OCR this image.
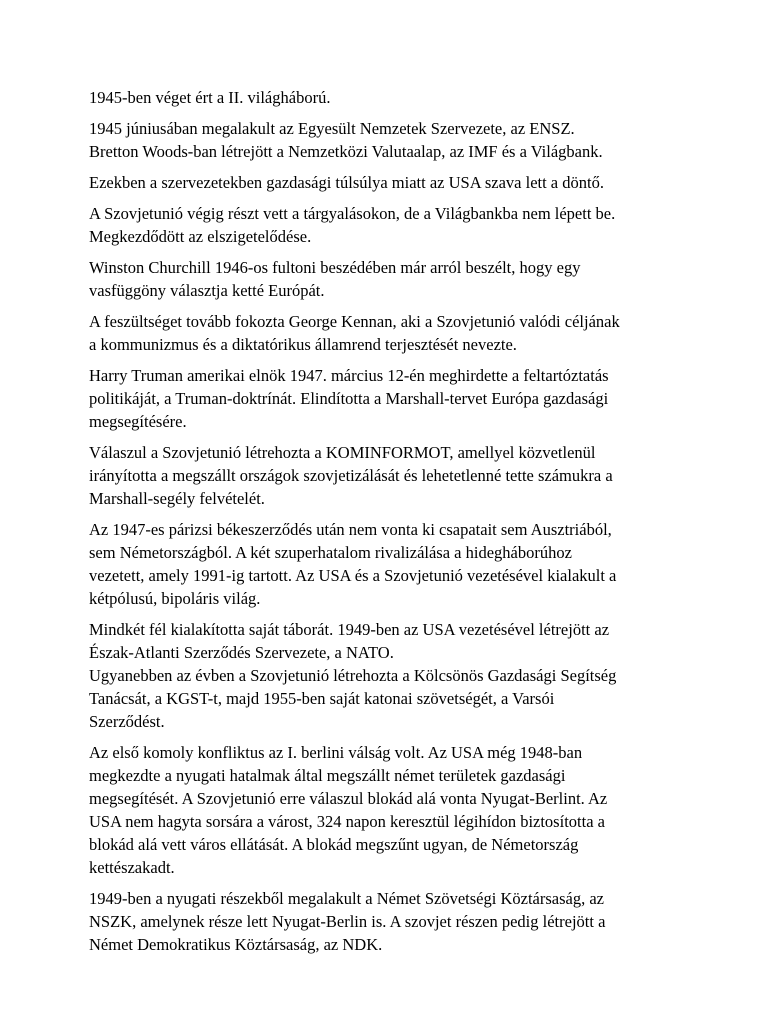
1945-ben véget ért a II. világháború.

1945 júniusában megalakult az Egyesült Nemzetek Szervezete, az ENSZ.
Bretton Woods-ban létrejött a Nemzetközi Valutaalap, az IMF és a Világbank.

Ezekben a szervezetekben gazdasági túlsúlya miatt az USA szava lett a döntő.

A Szovjetunió végig részt vett a tárgyalásokon, de a Világbankba nem lépett be.
Megkezdődött az elszigetelődése.

Winston Churchill 1946-os fultoni beszédében már arról beszélt, hogy egy
vasfüggöny választja ketté Európát.

A feszültséget tovább fokozta George Kennan, aki a Szovjetunió valódi céljának
a kommunizmus és a diktatórikus államrend terjesztését nevezte.

Harry Truman amerikai elnök 1947. március 12-én meghirdette a feltartóztatás
politikáját, a Truman-doktrínát. Elindította a Marshall-tervet Európa gazdasági
megsegítésére.

Válaszul a Szovjetunió létrehozta a KOMINFORMOT, amellyel közvetlenül
irányította a megszállt országok szovjetizálását és lehetetlenné tette számukra a
Marshall-segély felvételét.

Az 1947-es párizsi békeszerződés után nem vonta ki csapatait sem Ausztriából,
sem Németországból. A két szuperhatalom rivalizálása a hidegháborúhoz
vezetett, amely 1991-ig tartott. Az USA és a Szovjetunió vezetésével kialakult a
kétpólusú, bipoláris világ.

Mindkét fél kialakította saját táborát. 1949-ben az USA vezetésével létrejött az
Észak-Atlanti Szerződés Szervezete, a NATO.
Ugyanebben az évben a Szovjetunió létrehozta a Kölcsönös Gazdasági Segítség
Tanácsát, a KGST-t, majd 1955-ben saját katonai szövetségét, a Varsói
Szerződést.

Az első komoly konfliktus az I. berlini válság volt. Az USA még 1948-ban
megkezdte a nyugati hatalmak által megszállt német területek gazdasági
megsegítését. A Szovjetunió erre válaszul blokád alá vonta Nyugat-Berlint. Az
USA nem hagyta sorsára a várost, 324 napon keresztül légihídon biztosította a
blokád alá vett város ellátását. A blokád megszűnt ugyan, de Németország
kettészakadt.

1949-ben a nyugati részekből megalakult a Német Szövetségi Köztársaság, az
NSZK, amelynek része lett Nyugat-Berlin is. A szovjet részen pedig létrejött a
Német Demokratikus Köztársaság, az NDK.
